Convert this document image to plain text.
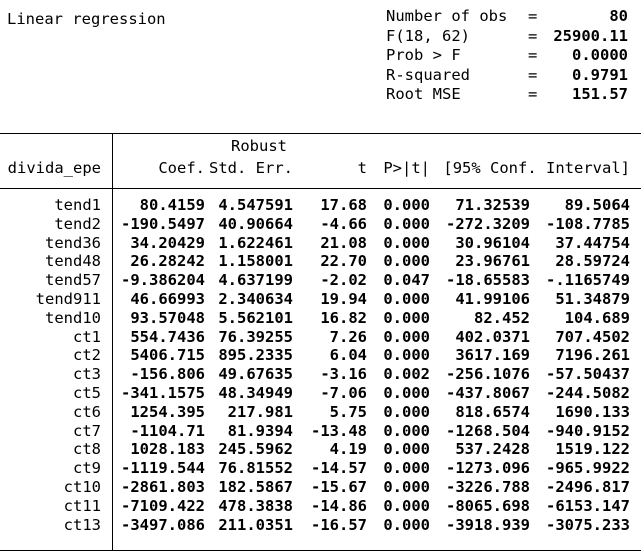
Linear regression	Number of obs	=	80
F(18, 62)	=	25900.11
Prob > F	=	0.0000
R-squared	=	0.9791
Root MSE	=	151.57
Robust
divida_epe	Coef. Std. Err.	t	P>|t| [95% Conf. Interval]
tend1	80.4159 4.547591	17.68	0.000	71.32539	89.5064
tend2	-190.5497 40.90664	-4.66	0.000	-272.3209	-108.7785
tend36	34.20429 1.622461	21.08	0.000	30.96104	37.44754
tend48	26.28242 1.158001	22.70	0.000	23.96761	28.59724
tend57	-9.386204 4.637199	-2.02	0.047	-18.65583	-.1165749
tend911	46.66993 2.340634	19.94	0.000	41.99106	51.34879
tend10	93.57048 5.562101	16.82	0.000	82.452	104.689
ct1	554.7436 76.39255	7.26	0.000	402.0371	707.4502
ct2	5406.715 895.2335	6.04	0.000	3617.169	7196.261
ct3	-156.806 49.67635	-3.16	0.002	-256.1076	-57.50437
ct5	-341.1575 48.34949	-7.06	0.000	-437.8067	-244.5082
ct6	1254.395	217.981	5.75	0.000	818.6574	1690.133
ct7	-1104.71	81.9394	-13.48	0.000	-1268.504	-940.9152
ct8	1028.183 245.5962	4.19	0.000	537.2428	1519.122
ct9	-1119.544 76.81552	-14.57	0.000	-1273.096	-965.9922
ct10	-2861.803 182.5867	-15.67	0.000	-3226.788	-2496.817
ct11	-7109.422 478.3838	-14.86	0.000	-8065.698	-6153.147
ct13	-3497.086 211.0351	-16.57	0.000	-3918.939	-3075.233
